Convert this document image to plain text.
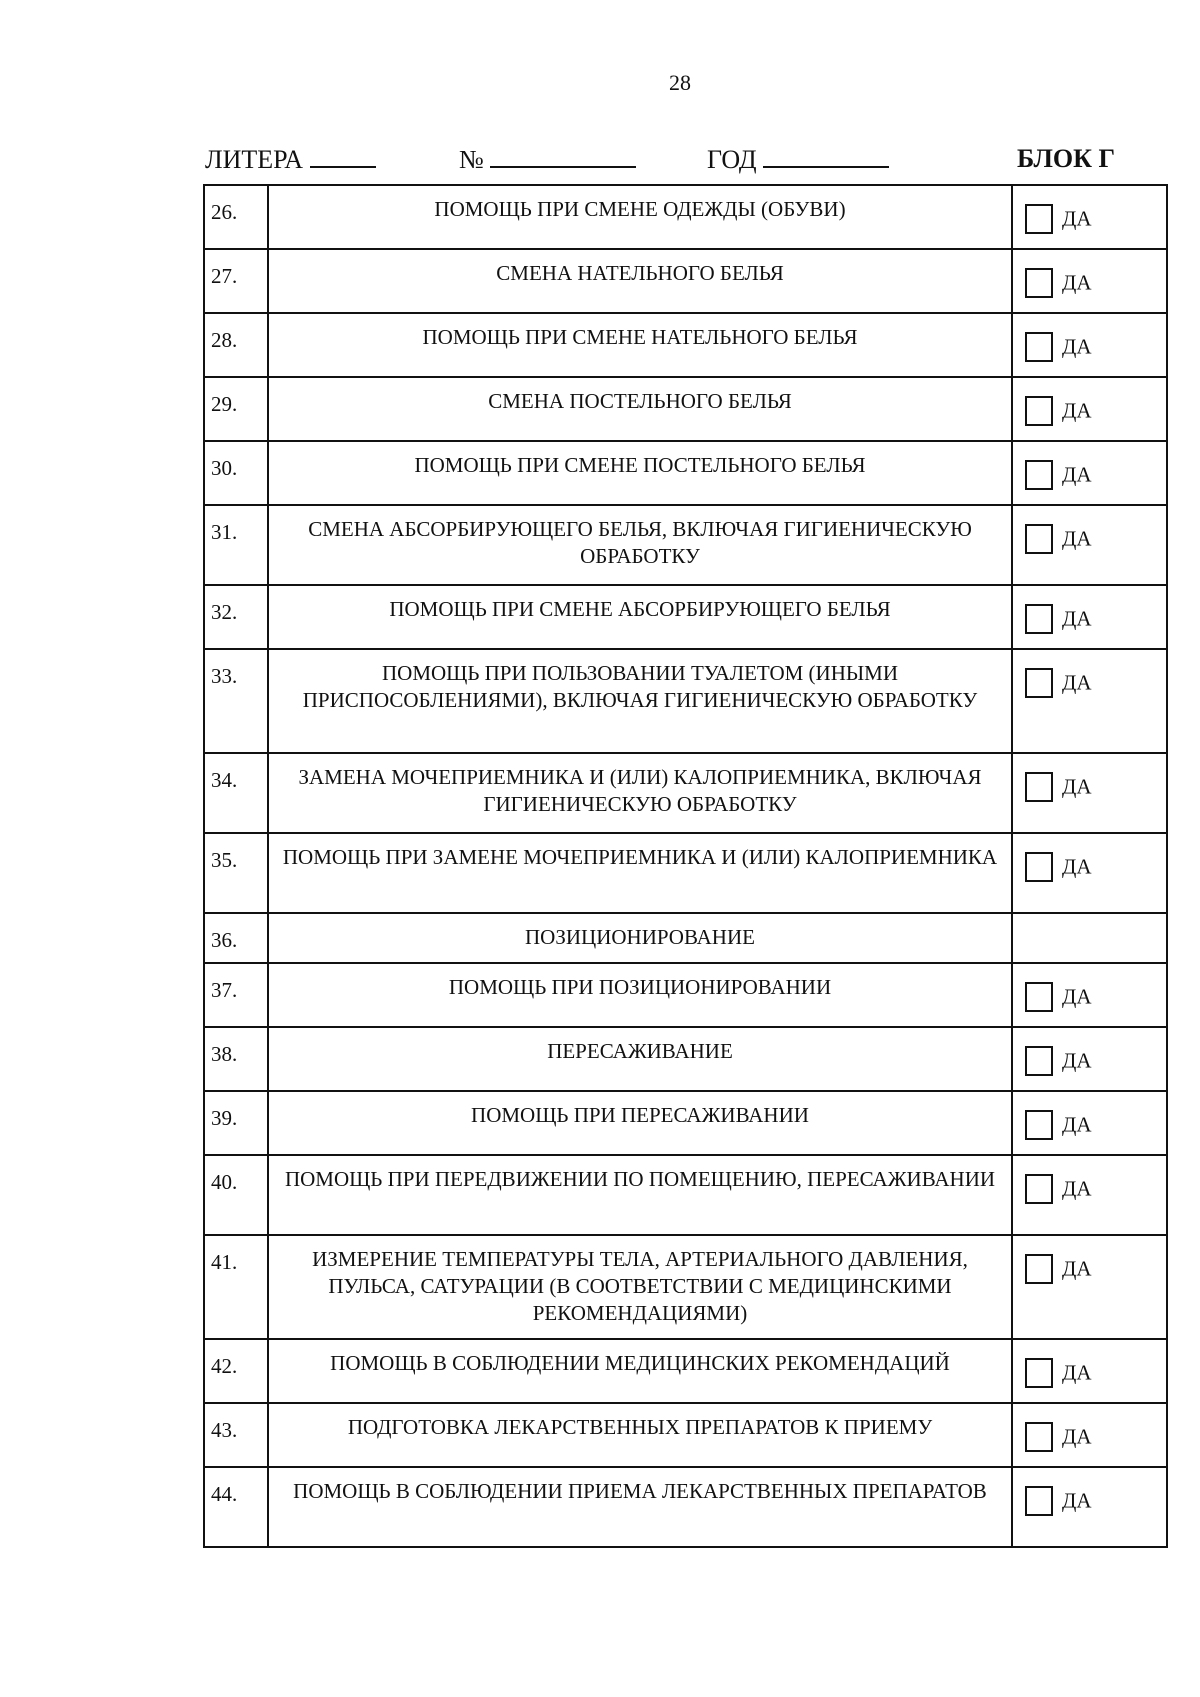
28
ЛИТЕРА	№	ГОД	БЛОК Г
26.	ПОМОЩЬ ПРИ СМЕНЕ ОДЕЖДЫ (ОБУВИ)	ДА
27.	СМЕНА НАТЕЛЬНОГО БЕЛЬЯ	ДА
28.	ПОМОЩЬ ПРИ СМЕНЕ НАТЕЛЬНОГО БЕЛЬЯ	ДА
29.	СМЕНА ПОСТЕЛЬНОГО БЕЛЬЯ	ДА
30.	ПОМОЩЬ ПРИ СМЕНЕ ПОСТЕЛЬНОГО БЕЛЬЯ	ДА
31.	СМЕНА АБСОРБИРУЮЩЕГО БЕЛЬЯ, ВКЛЮЧАЯ ГИГИЕНИЧЕСКУЮ ОБРАБОТКУ	ДА
32.	ПОМОЩЬ ПРИ СМЕНЕ АБСОРБИРУЮЩЕГО БЕЛЬЯ	ДА
33.	ПОМОЩЬ ПРИ ПОЛЬЗОВАНИИ ТУАЛЕТОМ (ИНЫМИ ПРИСПОСОБЛЕНИЯМИ), ВКЛЮЧАЯ ГИГИЕНИЧЕСКУЮ ОБРАБОТКУ	ДА
34.	ЗАМЕНА МОЧЕПРИЕМНИКА И (ИЛИ) КАЛОПРИЕМНИКА, ВКЛЮЧАЯ ГИГИЕНИЧЕСКУЮ ОБРАБОТКУ	ДА
35.	ПОМОЩЬ ПРИ ЗАМЕНЕ МОЧЕПРИЕМНИКА И (ИЛИ) КАЛОПРИЕМНИКА	ДА
36.	ПОЗИЦИОНИРОВАНИЕ	
37.	ПОМОЩЬ ПРИ ПОЗИЦИОНИРОВАНИИ	ДА
38.	ПЕРЕСАЖИВАНИЕ	ДА
39.	ПОМОЩЬ ПРИ ПЕРЕСАЖИВАНИИ	ДА
40.	ПОМОЩЬ ПРИ ПЕРЕДВИЖЕНИИ ПО ПОМЕЩЕНИЮ, ПЕРЕСАЖИВАНИИ	ДА
41.	ИЗМЕРЕНИЕ ТЕМПЕРАТУРЫ ТЕЛА, АРТЕРИАЛЬНОГО ДАВЛЕНИЯ, ПУЛЬСА, САТУРАЦИИ (В СООТВЕТСТВИИ С МЕДИЦИНСКИМИ РЕКОМЕНДАЦИЯМИ)	ДА
42.	ПОМОЩЬ В СОБЛЮДЕНИИ МЕДИЦИНСКИХ РЕКОМЕНДАЦИЙ	ДА
43.	ПОДГОТОВКА ЛЕКАРСТВЕННЫХ ПРЕПАРАТОВ К ПРИЕМУ	ДА
44.	ПОМОЩЬ В СОБЛЮДЕНИИ ПРИЕМА ЛЕКАРСТВЕННЫХ ПРЕПАРАТОВ	ДА
